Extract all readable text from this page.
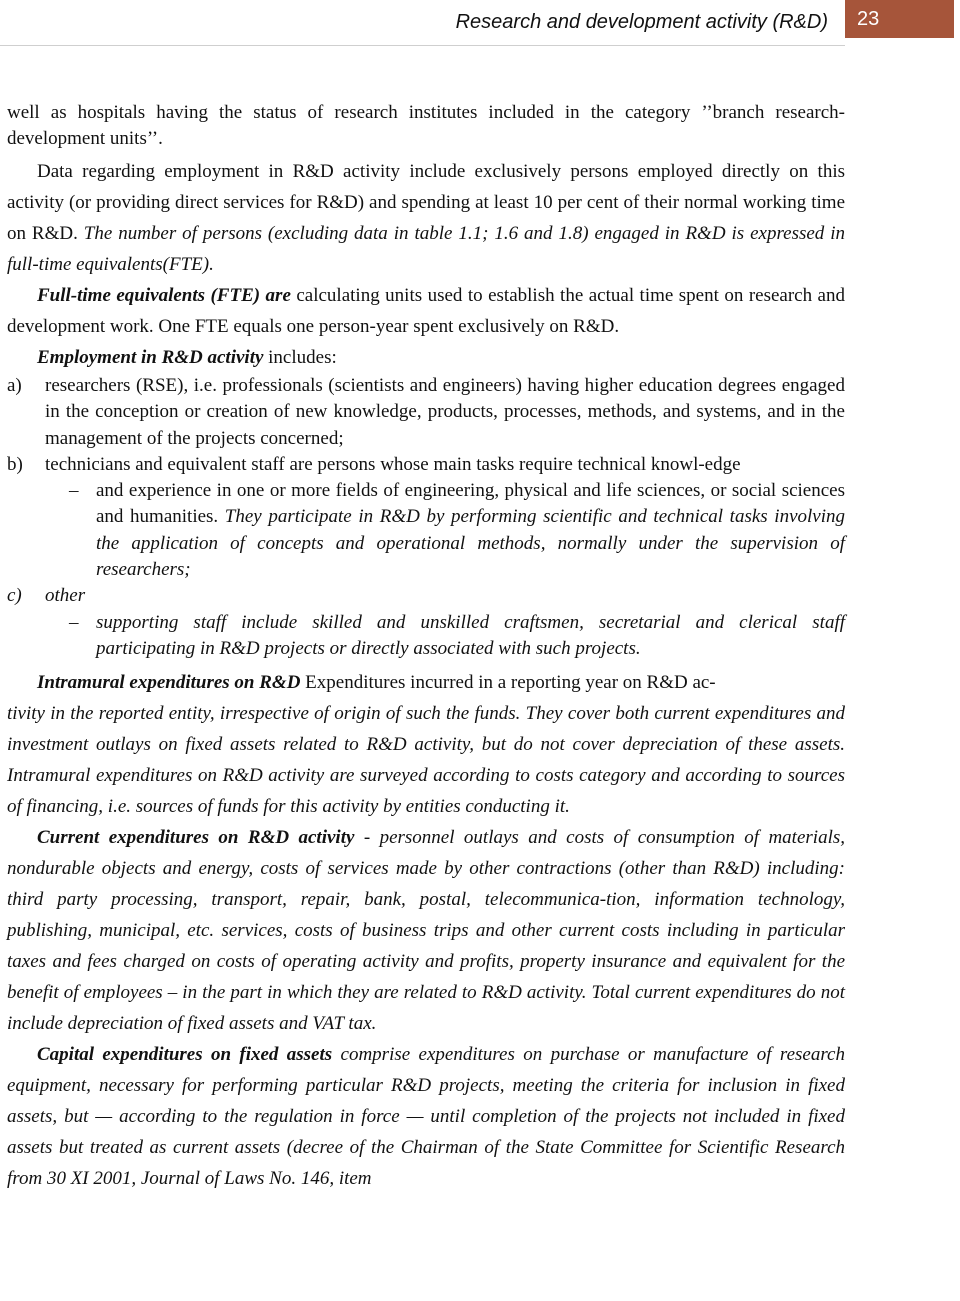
Research and development activity (R&D)	23

well as hospitals having the status of research institutes included in the category ’’branch research-development units’’.

Data regarding employment in R&D activity include exclusively persons employed directly on this activity (or providing direct services for R&D) and spending at least 10 per cent of their normal working time on R&D. The number of persons (excluding data in table 1.1; 1.6 and 1.8) engaged in R&D is expressed in full-time equivalents(FTE).

Full-time equivalents (FTE) are calculating units used to establish the actual time spent on research and development work. One FTE equals one person-year spent exclusively on R&D.

Employment in R&D activity includes:

a) researchers (RSE), i.e. professionals (scientists and engineers) having higher education degrees engaged in the conception or creation of new knowledge, products, processes, methods, and systems, and in the management of the projects concerned;
b) technicians and equivalent staff are persons whose main tasks require technical knowl-edge
– and experience in one or more fields of engineering, physical and life sciences, or social sciences and humanities. They participate in R&D by performing scientific and technical tasks involving the application of concepts and operational methods, normally under the supervision of researchers;
c) other
– supporting staff include skilled and unskilled craftsmen, secretarial and clerical staff participating in R&D projects or directly associated with such projects.

Intramural expenditures on R&D Expenditures incurred in a reporting year on R&D ac-
tivity in the reported entity, irrespective of origin of such the funds. They cover both current expenditures and investment outlays on fixed assets related to R&D activity, but do not cover depreciation of these assets. Intramural expenditures on R&D activity are surveyed according to costs category and according to sources of financing, i.e. sources of funds for this activity by entities conducting it.

Current expenditures on R&D activity - personnel outlays and costs of consumption of materials, nondurable objects and energy, costs of services made by other contractions (other than R&D) including: third party processing, transport, repair, bank, postal, telecommunica-tion, information technology, publishing, municipal, etc. services, costs of business trips and other current costs including in particular taxes and fees charged on costs of operating activity and profits, property insurance and equivalent for the benefit of employees – in the part in which they are related to R&D activity. Total current expenditures do not include depreciation of fixed assets and VAT tax.

Capital expenditures on fixed assets comprise expenditures on purchase or manufacture of research equipment, necessary for performing particular R&D projects, meeting the criteria for inclusion in fixed assets, but — according to the regulation in force — until completion of the projects not included in fixed assets but treated as current assets (decree of the Chairman of the State Committee for Scientific Research from 30 XI 2001, Journal of Laws No. 146, item
